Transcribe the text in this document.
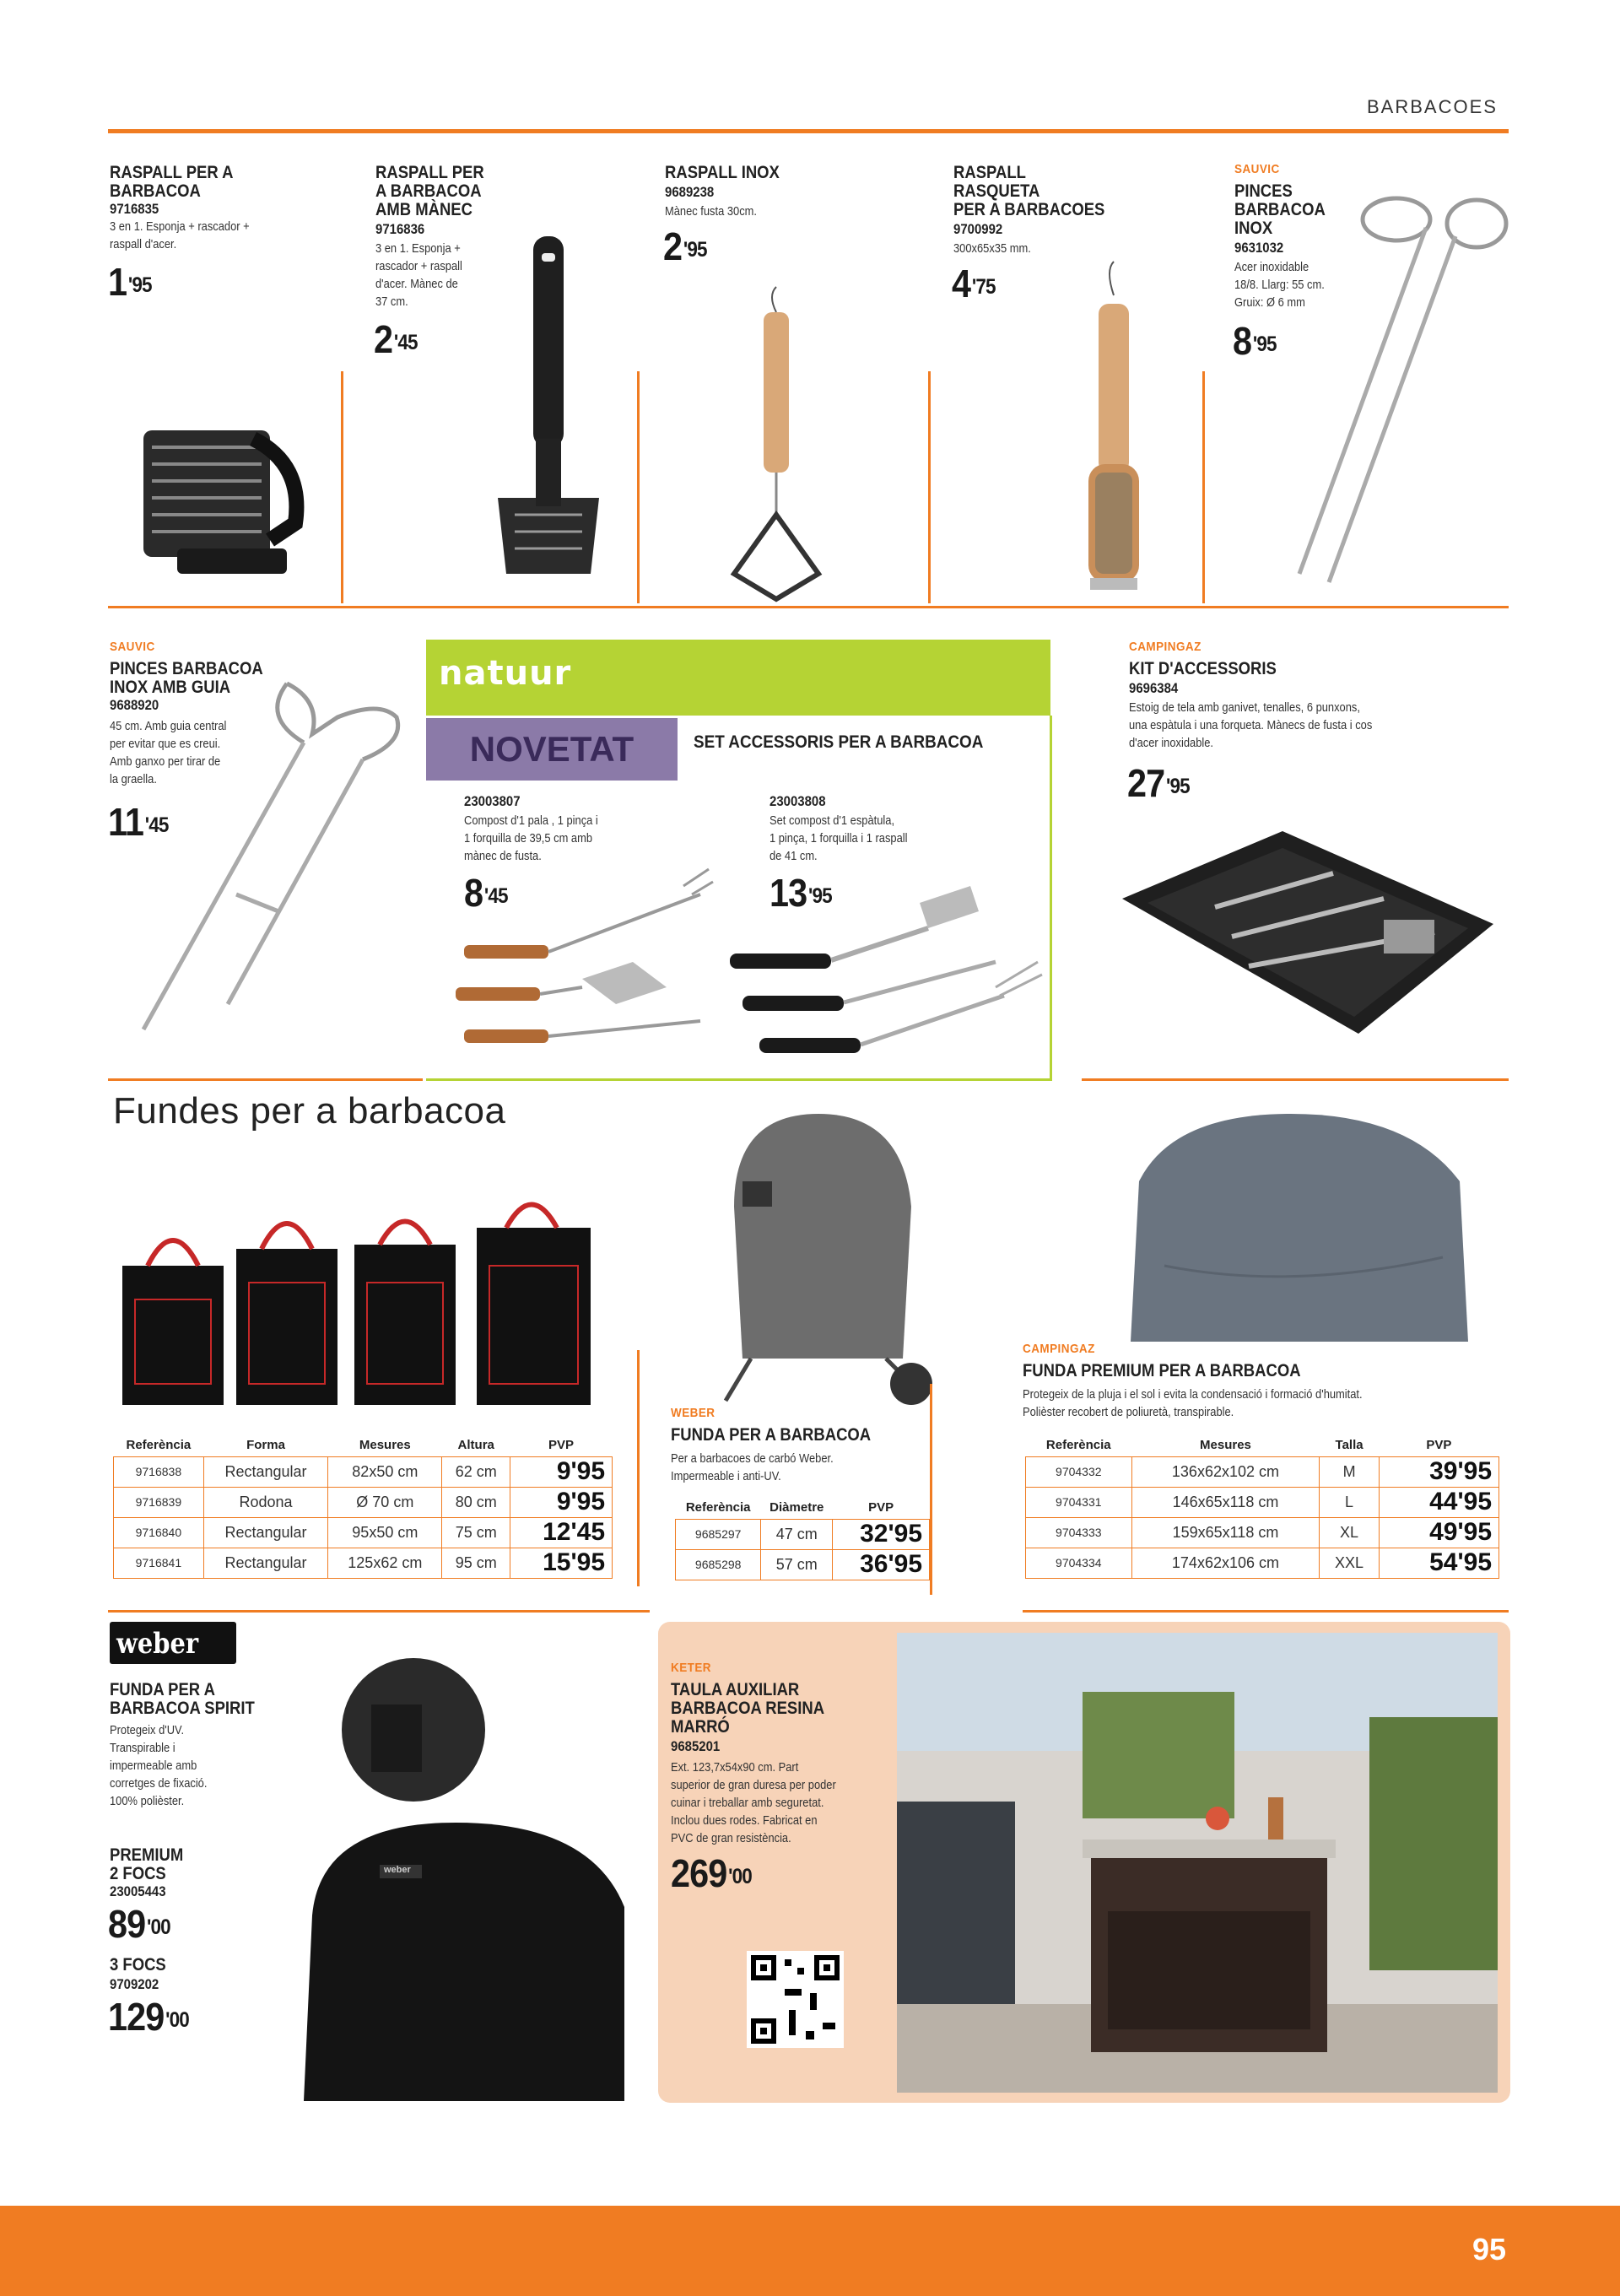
BARBACOES
RASPALL PER A
BARBACOA
9716835
3 en 1. Esponja + rascador +
raspall d'acer.
$1^{'95}$
RASPALL PER
A BARBACOA
AMB MÀNEC
9716836
3 en 1. Esponja +
rascador + raspall
d'acer. Mànec de
37 cm.
$2^{'45}$
RASPALL INOX
9689238
Mànec fusta 30cm.
$2^{'95}$
RASPALL
RASQUETA
PER A BARBACOES
9700992
300x65x35 mm.
$4^{'75}$
SAUVIC
PINCES
BARBACOA
INOX
9631032
Acer inoxidable
18/8. Llarg: 55 cm.
Gruix: Ø 6 mm
$8^{'95}$
SAUVIC
PINCES BARBACOA
INOX AMB GUIA
9688920
45 cm. Amb guia central
per evitar que es creui.
Amb ganxo per tirar de
la graella.
$11^{'45}$
natuur
NOVETAT	SET ACCESSORIS PER A BARBACOA
23003807
Compost d'1 pala , 1 pinça i
1 forquilla de 39,5 cm amb
mànec de fusta.
$8^{'45}$
23003808
Set compost d'1 espàtula,
1 pinça, 1 forquilla i 1 raspall
de 41 cm.
$13^{'95}$
CAMPINGAZ
KIT D'ACCESSORIS
9696384
Estoig de tela amb ganivet, tenalles, 6 punxons,
una espàtula i una forqueta. Mànecs de fusta i cos
d'acer inoxidable.
$27^{'95}$
Fundes per a barbacoa
Referència	Forma	Mesures	Altura	PVP
9716838	Rectangular	82x50 cm	62 cm	9'95
9716839	Rodona	Ø 70 cm	80 cm	9'95
9716840	Rectangular	95x50 cm	75 cm	12'45
9716841	Rectangular	125x62 cm	95 cm	15'95
WEBER
FUNDA PER A BARBACOA
Per a barbacoes de carbó Weber.
Impermeable i anti-UV.
Referència	Diàmetre	PVP
9685297	47 cm	32'95
9685298	57 cm	36'95
CAMPINGAZ
FUNDA PREMIUM PER A BARBACOA
Protegeix de la pluja i el sol i evita la condensació i formació d'humitat.
Polièster recobert de poliuretà, transpirable.
Referència	Mesures	Talla	PVP
9704332	136x62x102 cm	M	39'95
9704331	146x65x118 cm	L	44'95
9704333	159x65x118 cm	XL	49'95
9704334	174x62x106 cm	XXL	54'95
weber
FUNDA PER A
BARBACOA SPIRIT
Protegeix d'UV.
Transpirable i
impermeable amb
corretges de fixació.
100% polièster.
PREMIUM
2 FOCS
23005443
$89^{'00}$
3 FOCS
9709202
$129^{'00}$
weber
KETER
TAULA AUXILIAR
BARBACOA RESINA
MARRÓ
9685201
Ext. 123,7x54x90 cm. Part
superior de gran duresa per poder
cuinar i treballar amb seguretat.
Inclou dues rodes. Fabricat en
PVC de gran resistència.
$269^{'00}$
95
